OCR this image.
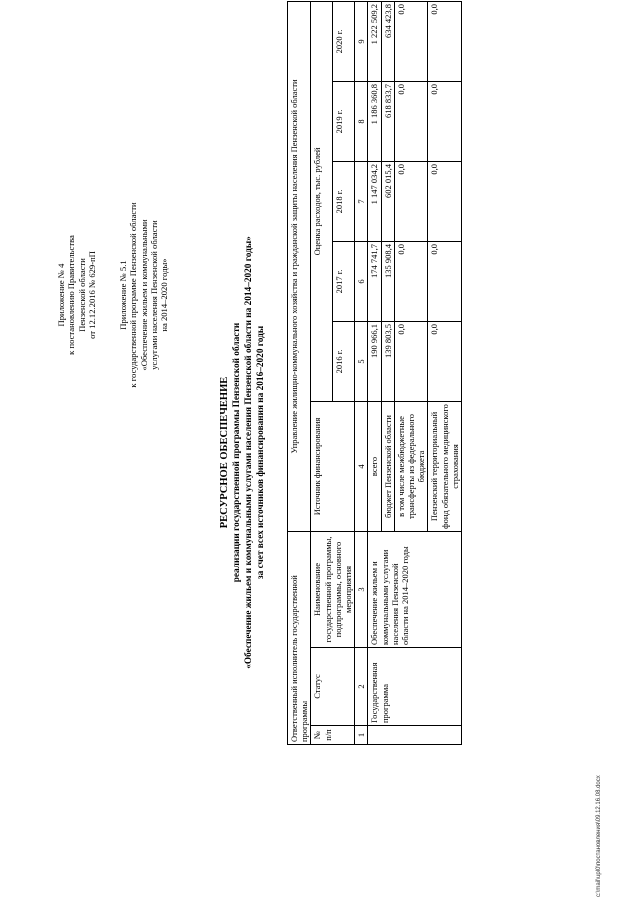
Приложение № 4 к постановлению Правительства Пензенской области от 12.12.2016 № 629-пП Приложение № 5.1 к государственной программе Пензенской области «Обеспечение жильем и коммунальными услугами населения Пензенской области на 2014–2020 годы»
РЕСУРСНОЕ ОБЕСПЕЧЕНИЕ реализации государственной программы Пензенской области «Обеспечение жильем и коммунальными услугами населения Пензенской области на 2014–2020 годы» за счет всех источников финансирования на 2016–2020 годы
Ответственный исполнитель государственной программы			Управление жилищно-коммунального хозяйства и гражданской защиты населения Пензенской области					
№ п/п	Статус	Наименование государственной программы, подпрограммы, основного мероприятия	Источник финансирования	Оценка расходов, тыс. рублей				
				2016 г.	2017 г.	2018 г.	2019 г.	2020 г.
1	2	3	4	5	6	7	8	9
	Государственная программа	Обеспечение жильем и коммунальными услугами населения Пензенской области на 2014–2020 годы	всего	190 966,1	174 741,7	1 147 034,2	1 186 360,8	1 222 509,2
			бюджет Пензенской области	139 803,5	135 908,4	602 015,4	618 833,7	634 423,8
			в том числе межбюджетные трансферты из федерального бюджета	0,0	0,0	0,0	0,0	0,0
			Пензенский территориальный фонд обязательного медицинского страхования	0,0	0,0	0,0	0,0	0,0
c:\mail\upl0\постановления\09.12.16.08.docx
